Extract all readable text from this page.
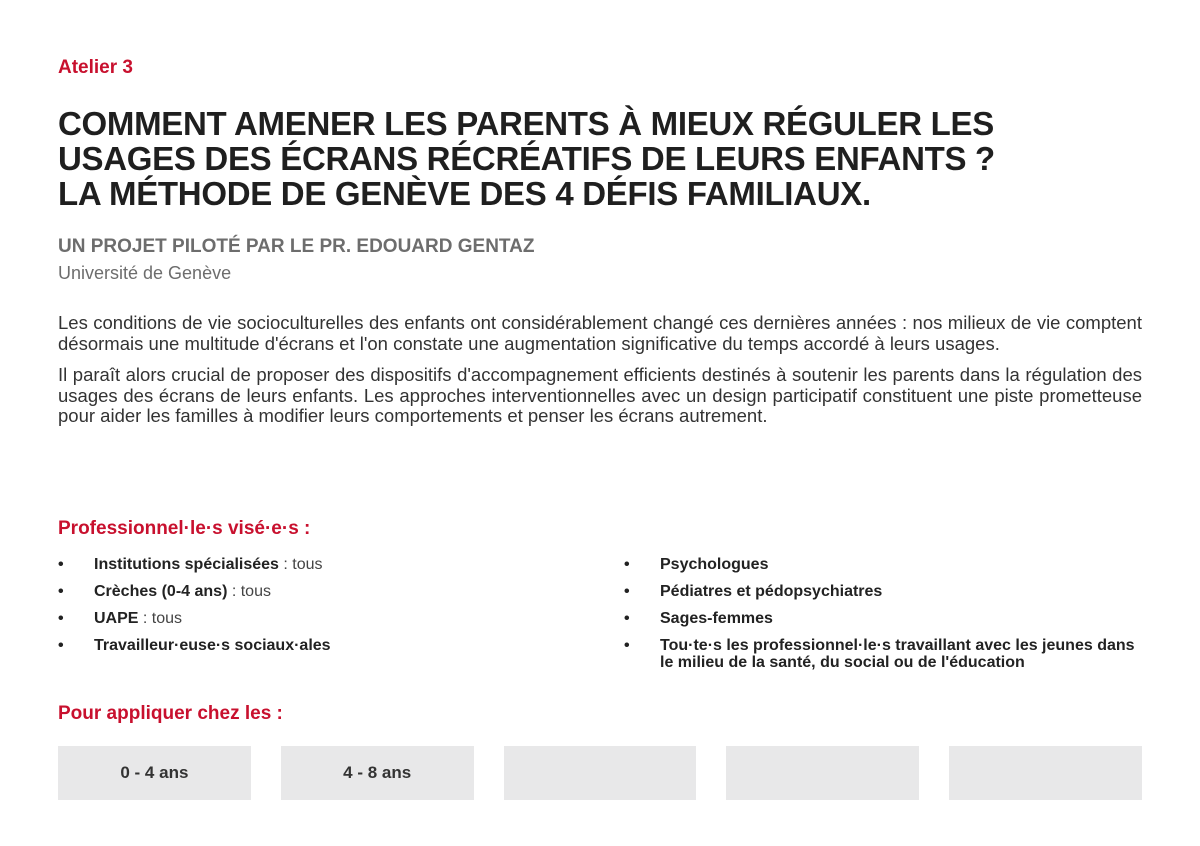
Atelier 3
COMMENT AMENER LES PARENTS À MIEUX RÉGULER LES
USAGES DES ÉCRANS RÉCRÉATIFS DE LEURS ENFANTS ?
LA MÉTHODE DE GENÈVE DES 4 DÉFIS FAMILIAUX.
UN PROJET PILOTÉ PAR LE PR. EDOUARD GENTAZ
Université de Genève

Les conditions de vie socioculturelles des enfants ont considérablement changé ces dernières années : nos milieux de vie comptent désormais une multitude d'écrans et l'on constate une augmentation significative du temps accordé à leurs usages.

Il paraît alors crucial de proposer des dispositifs d'accompagnement efficients destinés à soutenir les parents dans la régulation des usages des écrans de leurs enfants. Les approches interventionnelles avec un design participatif constituent une piste prometteuse pour aider les familles à modifier leurs comportements et penser les écrans autrement.

Professionnel·le·s visé·e·s :
• Institutions spécialisées : tous
• Crèches (0-4 ans) : tous
• UAPE : tous
• Travailleur·euse·s sociaux·ales
• Psychologues
• Pédiatres et pédopsychiatres
• Sages-femmes
• Tou·te·s les professionnel·le·s travaillant avec les jeunes dans le milieu de la santé, du social ou de l'éducation
Pour appliquer chez les :
0 - 4 ans	4 - 8 ans
